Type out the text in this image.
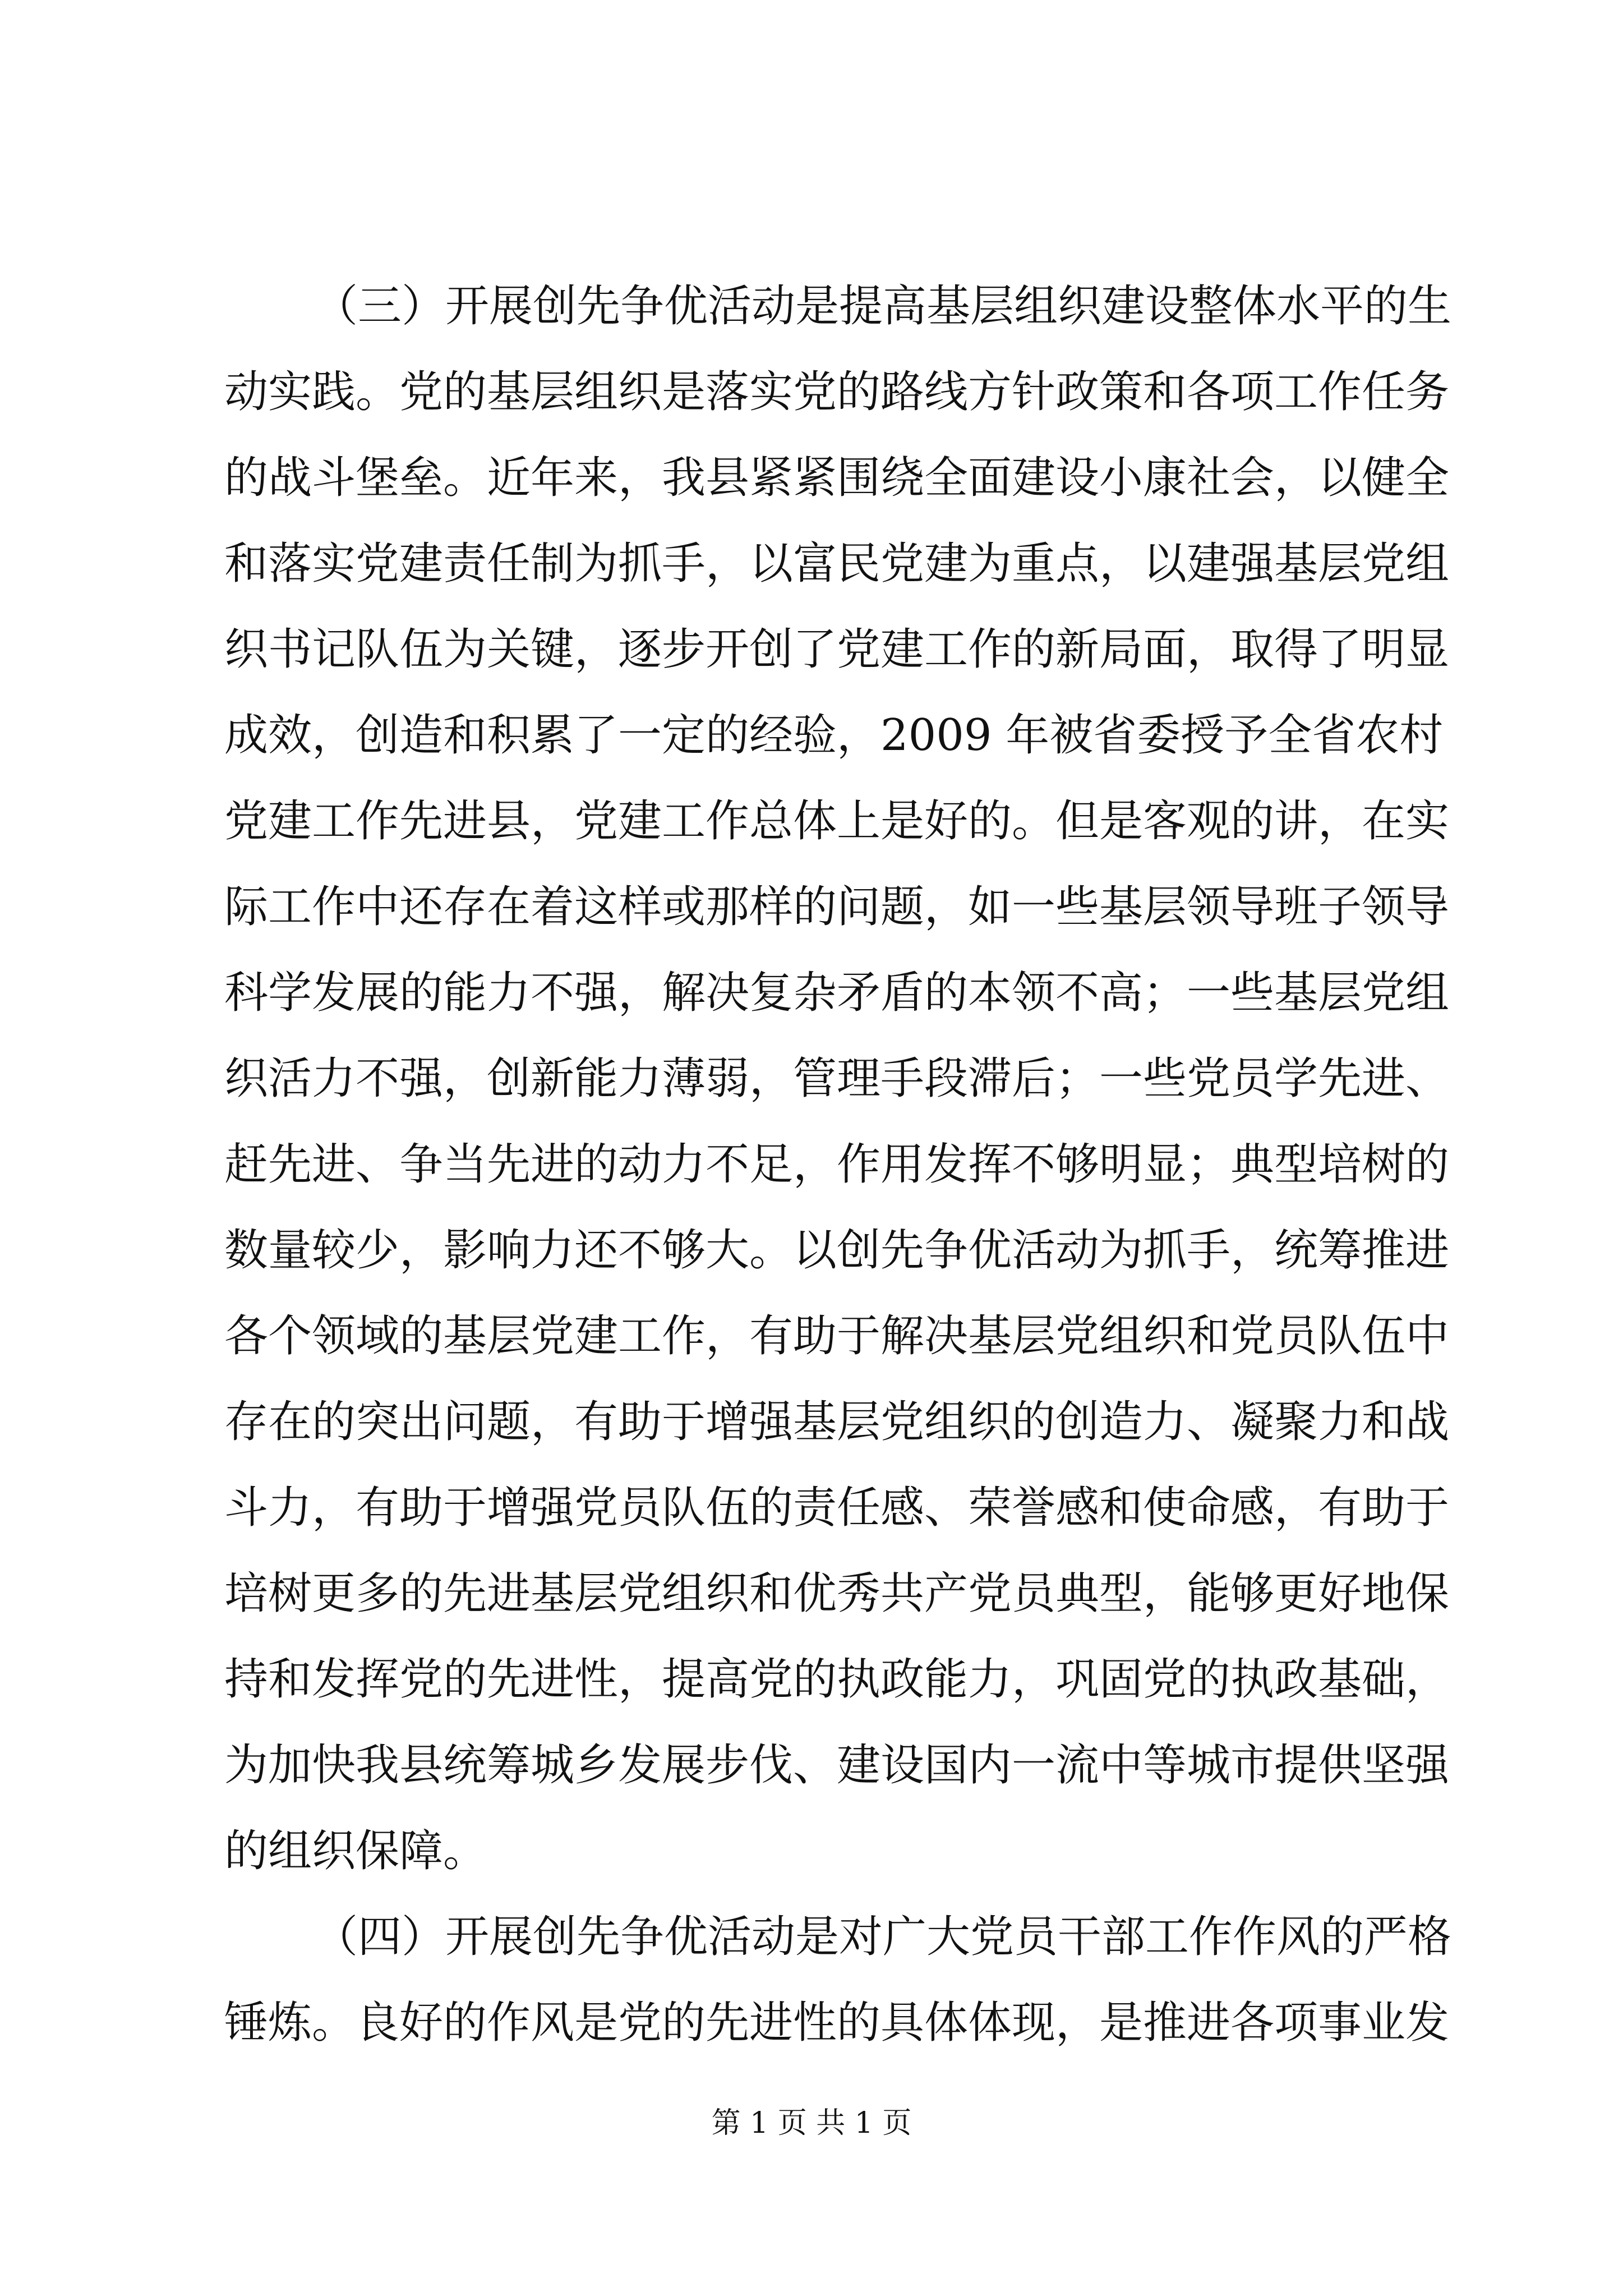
（三）开展创先争优活动是提高基层组织建设整体水平的生
动实践。党的基层组织是落实党的路线方针政策和各项工作任务
的战斗堡垒。近年来，我县紧紧围绕全面建设小康社会，以健全
和落实党建责任制为抓手，以富民党建为重点，以建强基层党组
织书记队伍为关键，逐步开创了党建工作的新局面，取得了明显
成效，创造和积累了一定的经验，2009 年被省委授予全省农村
党建工作先进县，党建工作总体上是好的。但是客观的讲，在实
际工作中还存在着这样或那样的问题，如一些基层领导班子领导
科学发展的能力不强，解决复杂矛盾的本领不高；一些基层党组
织活力不强，创新能力薄弱，管理手段滞后；一些党员学先进、
赶先进、争当先进的动力不足，作用发挥不够明显；典型培树的
数量较少，影响力还不够大。以创先争优活动为抓手，统筹推进
各个领域的基层党建工作，有助于解决基层党组织和党员队伍中
存在的突出问题，有助于增强基层党组织的创造力、凝聚力和战
斗力，有助于增强党员队伍的责任感、荣誉感和使命感，有助于
培树更多的先进基层党组织和优秀共产党员典型，能够更好地保
持和发挥党的先进性，提高党的执政能力，巩固党的执政基础，
为加快我县统筹城乡发展步伐、建设国内一流中等城市提供坚强
的组织保障。
（四）开展创先争优活动是对广大党员干部工作作风的严格
锤炼。良好的作风是党的先进性的具体体现，是推进各项事业发
第 1 页 共 1 页
